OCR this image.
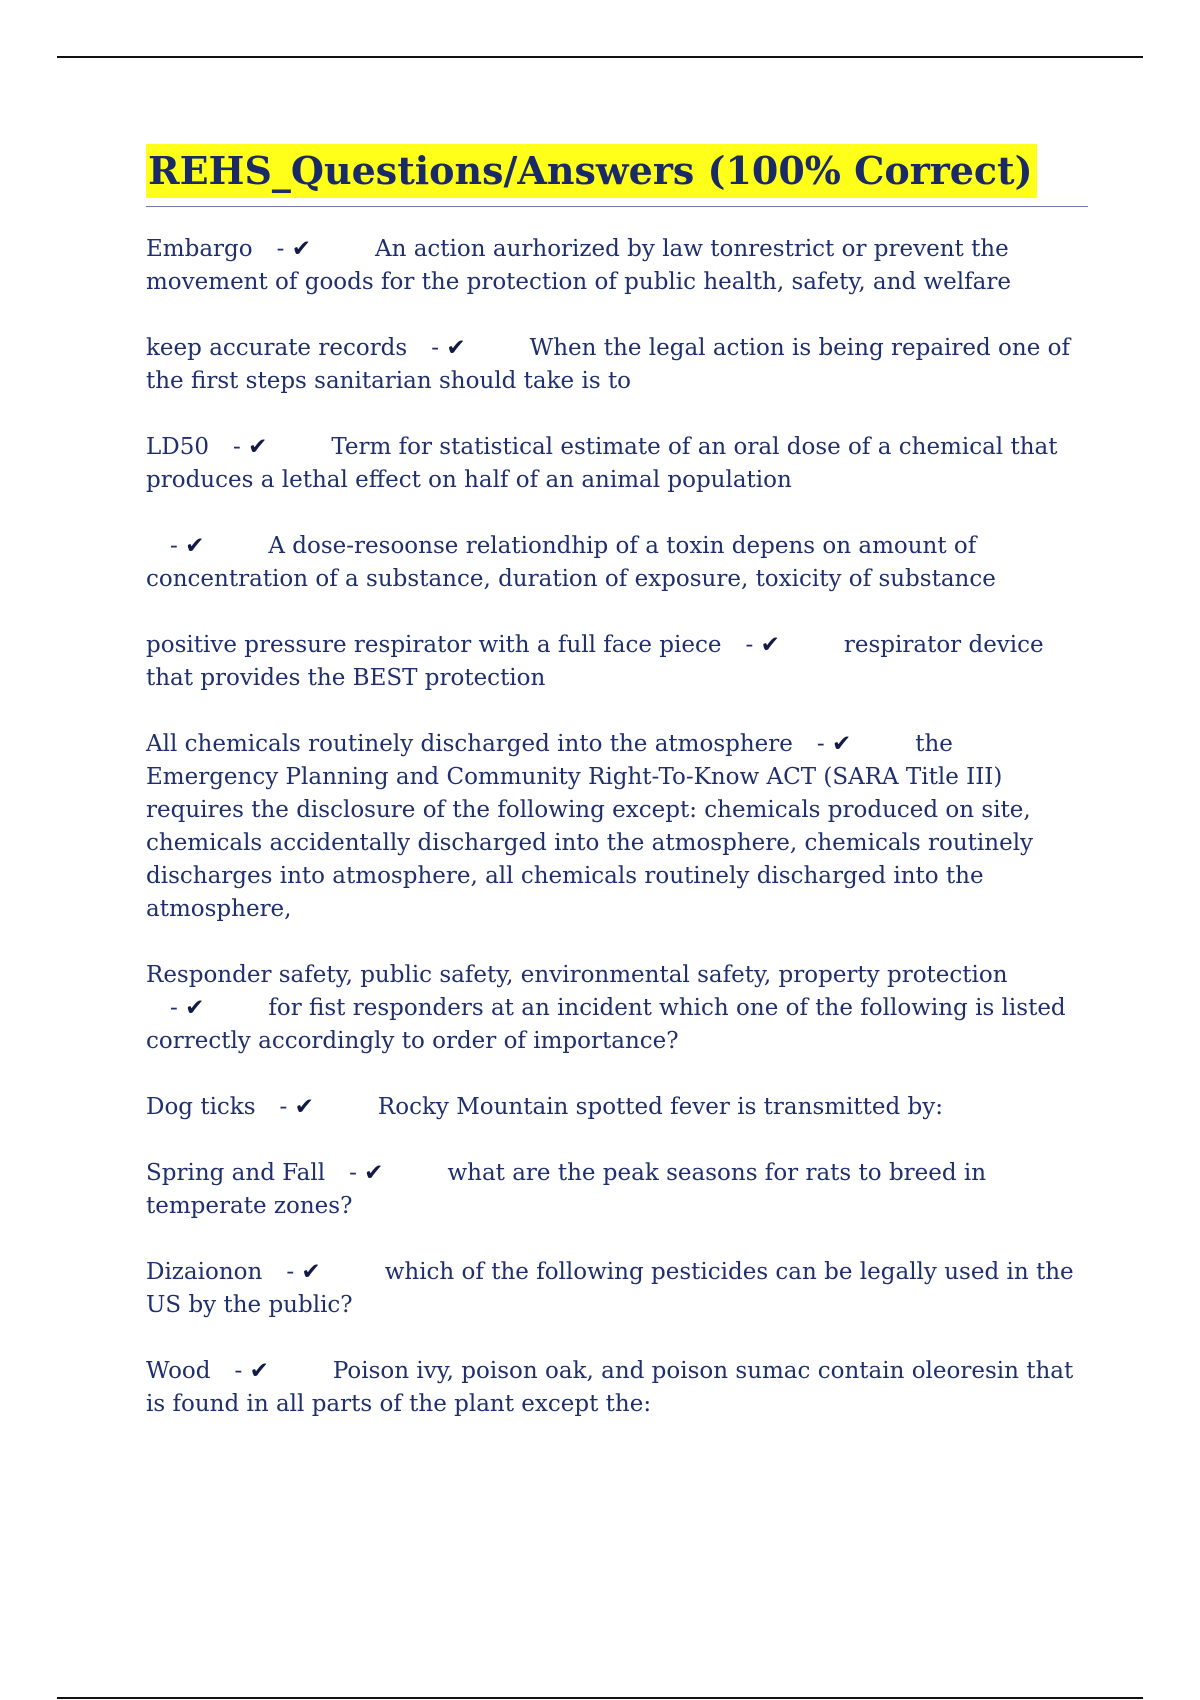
REHS_Questions/Answers (100% Correct)

Embargo - ✔	An action aurhorized by law tonrestrict or prevent the movement of goods for the protection of public health, safety, and welfare

keep accurate records - ✔	When the legal action is being repaired one of the first steps sanitarian should take is to

LD50 - ✔	Term for statistical estimate of an oral dose of a chemical that produces a lethal effect on half of an animal population

- ✔	A dose-resoonse relationdhip of a toxin depens on amount of concentration of a substance, duration of exposure, toxicity of substance

positive pressure respirator with a full face piece - ✔	respirator device that provides the BEST protection

All chemicals routinely discharged into the atmosphere - ✔	the Emergency Planning and Community Right-To-Know ACT (SARA Title III) requires the disclosure of the following except: chemicals produced on site, chemicals accidentally discharged into the atmosphere, chemicals routinely discharges into atmosphere, all chemicals routinely discharged into the atmosphere,

Responder safety, public safety, environmental safety, property protection- ✔	for fist responders at an incident which one of the following is listed correctly accordingly to order of importance?

Dog ticks - ✔	Rocky Mountain spotted fever is transmitted by:

Spring and Fall - ✔	what are the peak seasons for rats to breed in temperate zones?

Dizaionon - ✔	which of the following pesticides can be legally used in the US by the public?

Wood - ✔	Poison ivy, poison oak, and poison sumac contain oleoresin that is found in all parts of the plant except the:
